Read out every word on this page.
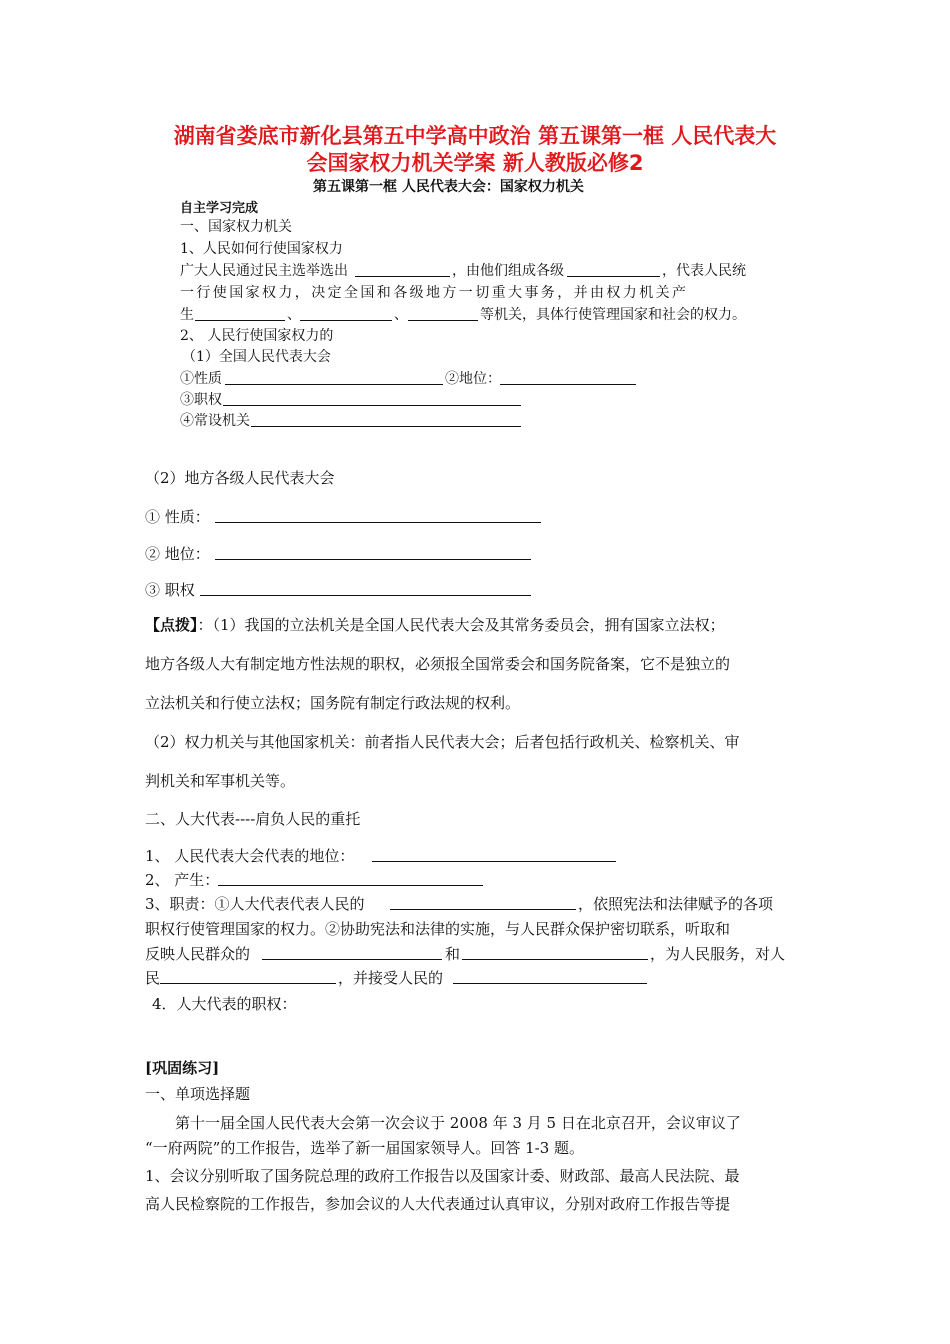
湖南省娄底市新化县第五中学高中政治 第五课第一框 人民代表大
会国家权力机关学案 新人教版必修2
第五课第一框 人民代表大会：国家权力机关
自主学习完成
一、国家权力机关
1、人民如何行使国家权力
广大人民通过民主选举选出	，由他们组成各级	，代表人民统
一行使国家权力，决定全国和各级地方一切重大事务，并由权力机关产
生	、	、	等机关，具体行使管理国家和社会的权力。
2、 人民行使国家权力的
（1）全国人民代表大会
①性质	②地位：
③职权
④常设机关
（2）地方各级人民代表大会
① 性质：
② 地位：
③ 职权
【点拨】：（1）我国的立法机关是全国人民代表大会及其常务委员会，拥有国家立法权；
地方各级人大有制定地方性法规的职权，必须报全国常委会和国务院备案，它不是独立的
立法机关和行使立法权；国务院有制定行政法规的权利。
（2）权力机关与其他国家机关：前者指人民代表大会；后者包括行政机关、检察机关、审
判机关和军事机关等。
二、人大代表----肩负人民的重托
1、 人民代表大会代表的地位：
2、 产生：
3、职责：①人大代表代表人民的	，依照宪法和法律赋予的各项
职权行使管理国家的权力。②协助宪法和法律的实施，与人民群众保护密切联系，听取和
反映人民群众的	和	，为人民服务，对人
民	，并接受人民的
4．人大代表的职权：
[巩固练习]
一、单项选择题
第十一届全国人民代表大会第一次会议于 2008 年 3 月 5 日在北京召开，会议审议了
“一府两院”的工作报告，选举了新一届国家领导人。回答 1-3 题。
1、会议分别听取了国务院总理的政府工作报告以及国家计委、财政部、最高人民法院、最
高人民检察院的工作报告，参加会议的人大代表通过认真审议，分别对政府工作报告等提
